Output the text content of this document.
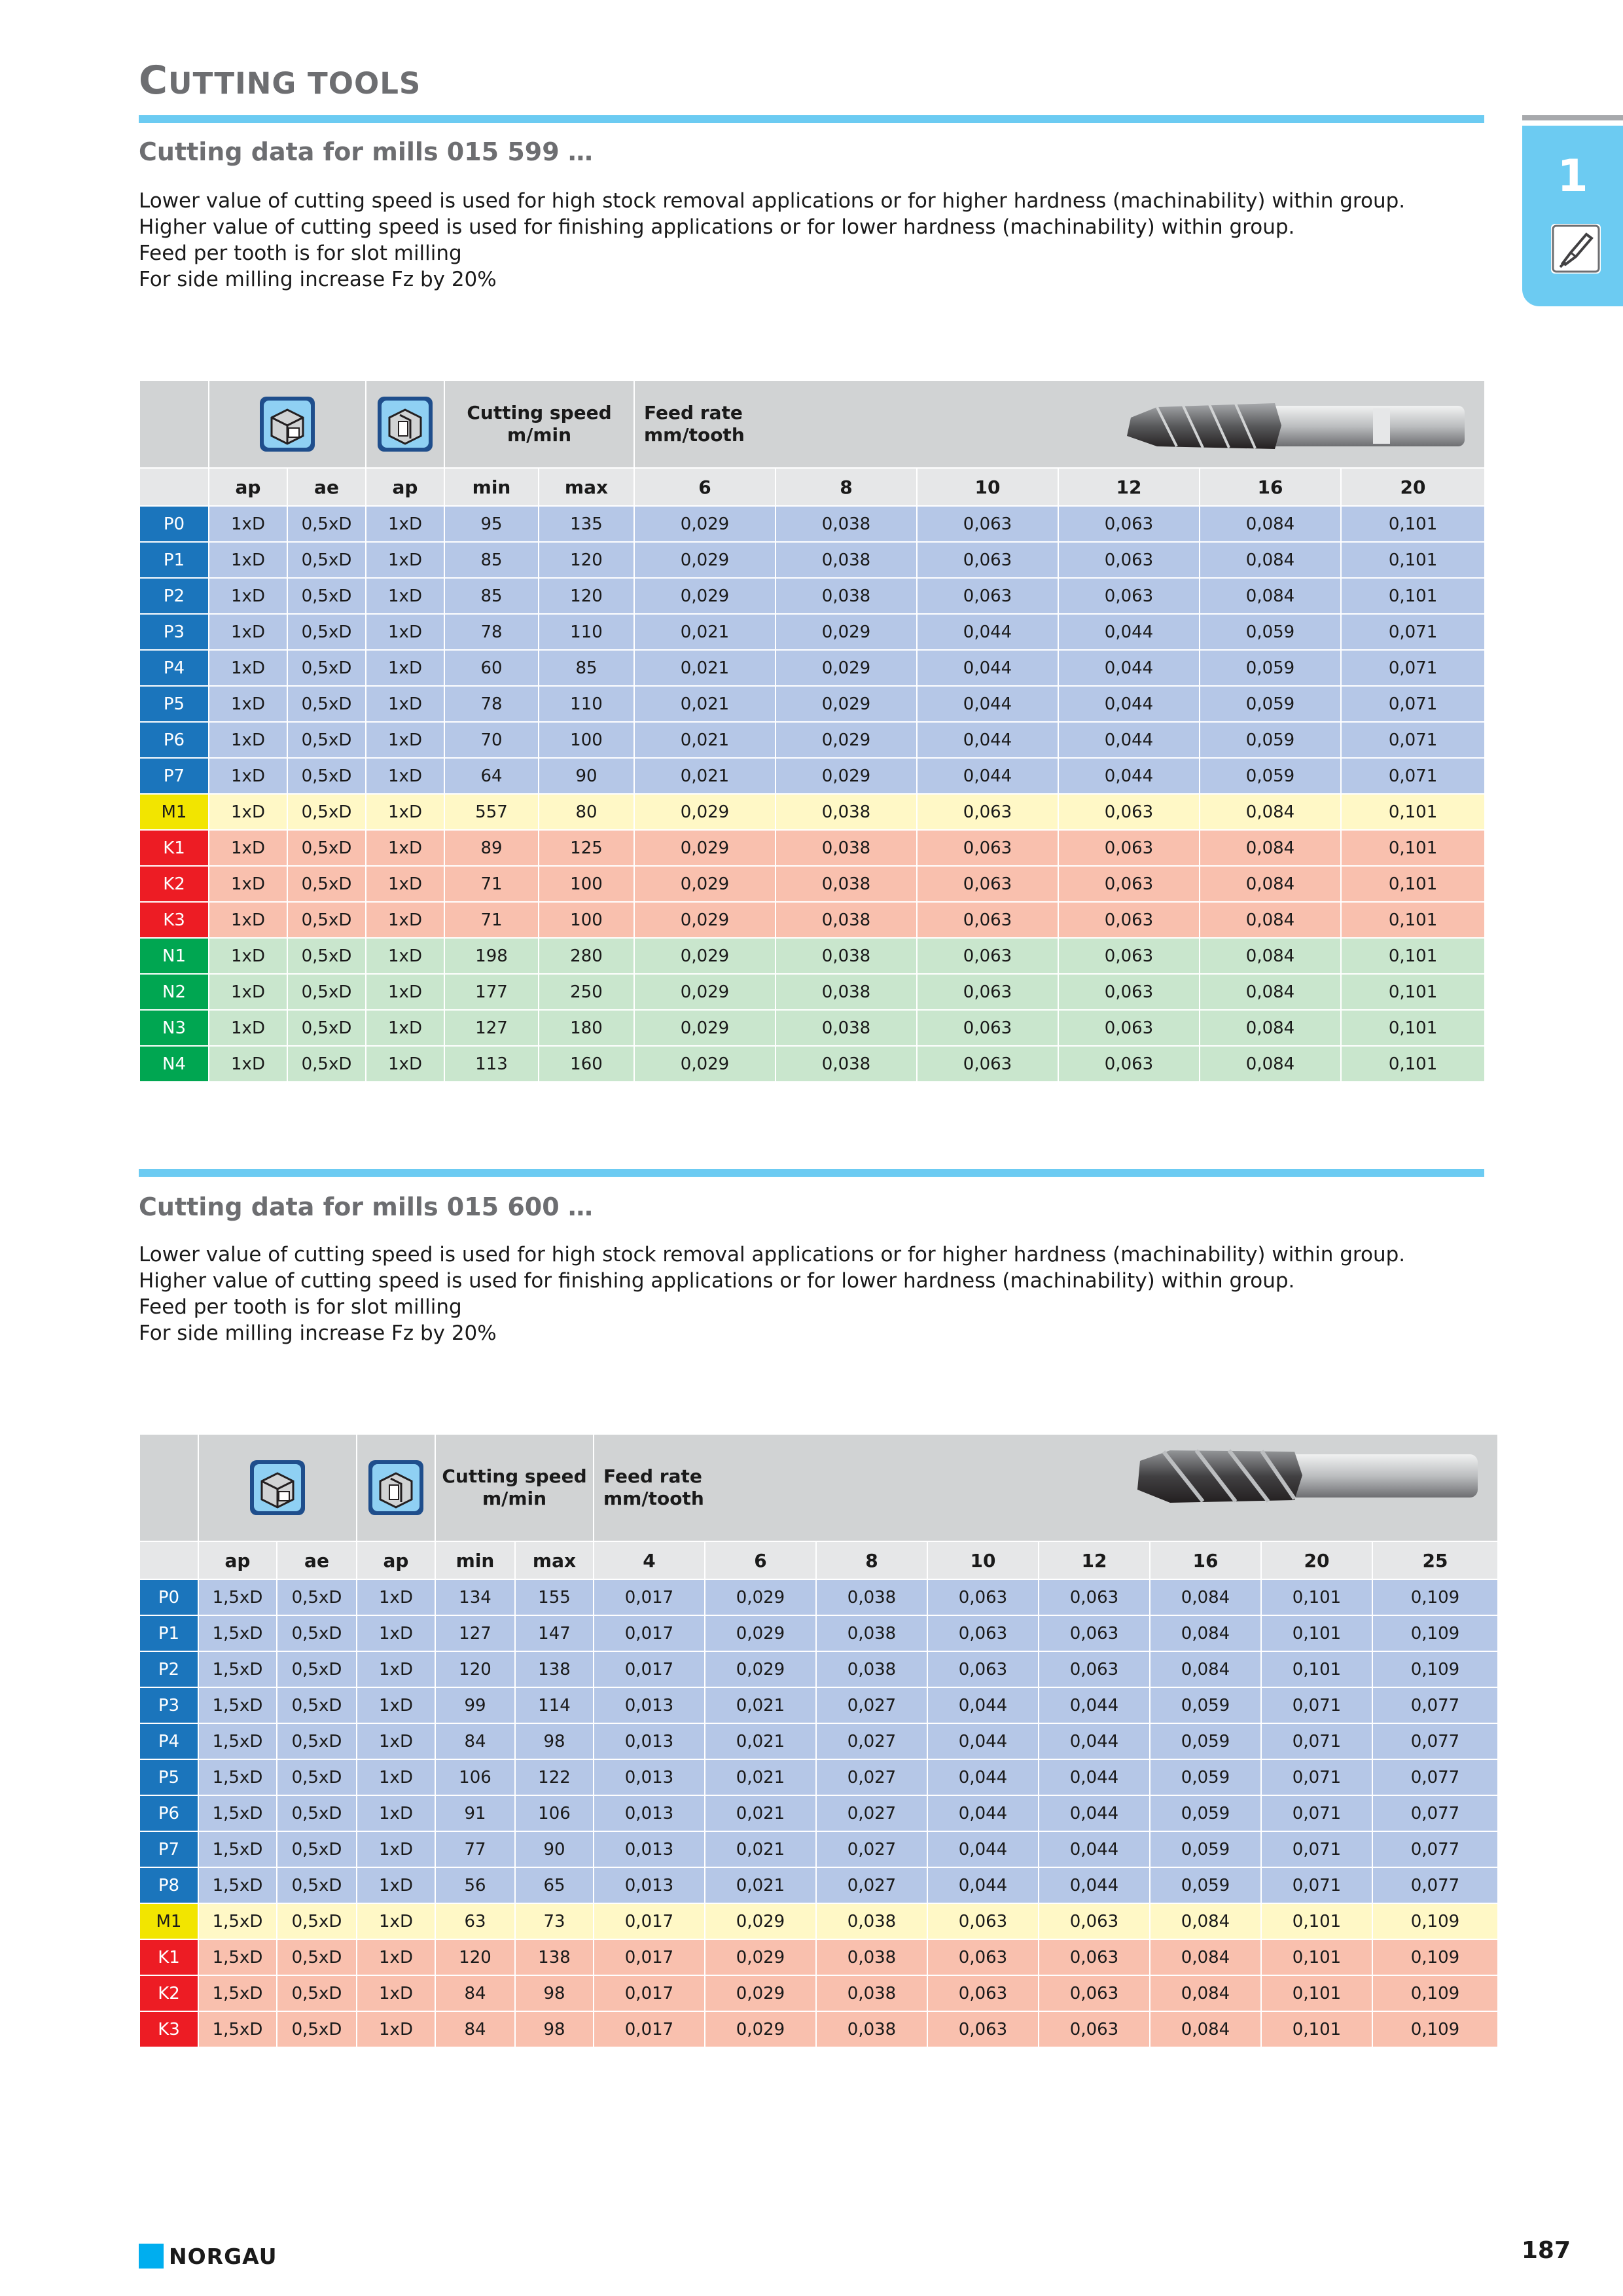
CUTTING TOOLS
1
Cutting data for mills 015 599 …
Lower value of cutting speed is used for high stock removal applications or for higher hardness (machinability) within group.
Higher value of cutting speed is used for finishing applications or for lower hardness (machinability) within group.
Feed per tooth is for slot milling
For side milling increase Fz by 20%
			Cutting speed
m/min		Feed rate
mm/tooth					

	ap	ae	ap	min	max	6	8	10	12	16	20
P0	1xD	0,5xD	1xD	95	135	0,029	0,038	0,063	0,063	0,084	0,101
P1	1xD	0,5xD	1xD	85	120	0,029	0,038	0,063	0,063	0,084	0,101
P2	1xD	0,5xD	1xD	85	120	0,029	0,038	0,063	0,063	0,084	0,101
P3	1xD	0,5xD	1xD	78	110	0,021	0,029	0,044	0,044	0,059	0,071
P4	1xD	0,5xD	1xD	60	85	0,021	0,029	0,044	0,044	0,059	0,071
P5	1xD	0,5xD	1xD	78	110	0,021	0,029	0,044	0,044	0,059	0,071
P6	1xD	0,5xD	1xD	70	100	0,021	0,029	0,044	0,044	0,059	0,071
P7	1xD	0,5xD	1xD	64	90	0,021	0,029	0,044	0,044	0,059	0,071
M1	1xD	0,5xD	1xD	557	80	0,029	0,038	0,063	0,063	0,084	0,101
K1	1xD	0,5xD	1xD	89	125	0,029	0,038	0,063	0,063	0,084	0,101
K2	1xD	0,5xD	1xD	71	100	0,029	0,038	0,063	0,063	0,084	0,101
K3	1xD	0,5xD	1xD	71	100	0,029	0,038	0,063	0,063	0,084	0,101
N1	1xD	0,5xD	1xD	198	280	0,029	0,038	0,063	0,063	0,084	0,101
N2	1xD	0,5xD	1xD	177	250	0,029	0,038	0,063	0,063	0,084	0,101
N3	1xD	0,5xD	1xD	127	180	0,029	0,038	0,063	0,063	0,084	0,101
N4	1xD	0,5xD	1xD	113	160	0,029	0,038	0,063	0,063	0,084	0,101
Cutting data for mills 015 600 …
Lower value of cutting speed is used for high stock removal applications or for higher hardness (machinability) within group.
Higher value of cutting speed is used for finishing applications or for lower hardness (machinability) within group.
Feed per tooth is for slot milling
For side milling increase Fz by 20%
			Cutting speed
m/min		Feed rate
mm/tooth							

	ap	ae	ap	min	max	4	6	8	10	12	16	20	25
P0	1,5xD	0,5xD	1xD	134	155	0,017	0,029	0,038	0,063	0,063	0,084	0,101	0,109
P1	1,5xD	0,5xD	1xD	127	147	0,017	0,029	0,038	0,063	0,063	0,084	0,101	0,109
P2	1,5xD	0,5xD	1xD	120	138	0,017	0,029	0,038	0,063	0,063	0,084	0,101	0,109
P3	1,5xD	0,5xD	1xD	99	114	0,013	0,021	0,027	0,044	0,044	0,059	0,071	0,077
P4	1,5xD	0,5xD	1xD	84	98	0,013	0,021	0,027	0,044	0,044	0,059	0,071	0,077
P5	1,5xD	0,5xD	1xD	106	122	0,013	0,021	0,027	0,044	0,044	0,059	0,071	0,077
P6	1,5xD	0,5xD	1xD	91	106	0,013	0,021	0,027	0,044	0,044	0,059	0,071	0,077
P7	1,5xD	0,5xD	1xD	77	90	0,013	0,021	0,027	0,044	0,044	0,059	0,071	0,077
P8	1,5xD	0,5xD	1xD	56	65	0,013	0,021	0,027	0,044	0,044	0,059	0,071	0,077
M1	1,5xD	0,5xD	1xD	63	73	0,017	0,029	0,038	0,063	0,063	0,084	0,101	0,109
K1	1,5xD	0,5xD	1xD	120	138	0,017	0,029	0,038	0,063	0,063	0,084	0,101	0,109
K2	1,5xD	0,5xD	1xD	84	98	0,017	0,029	0,038	0,063	0,063	0,084	0,101	0,109
K3	1,5xD	0,5xD	1xD	84	98	0,017	0,029	0,038	0,063	0,063	0,084	0,101	0,109
NORGAU	187
